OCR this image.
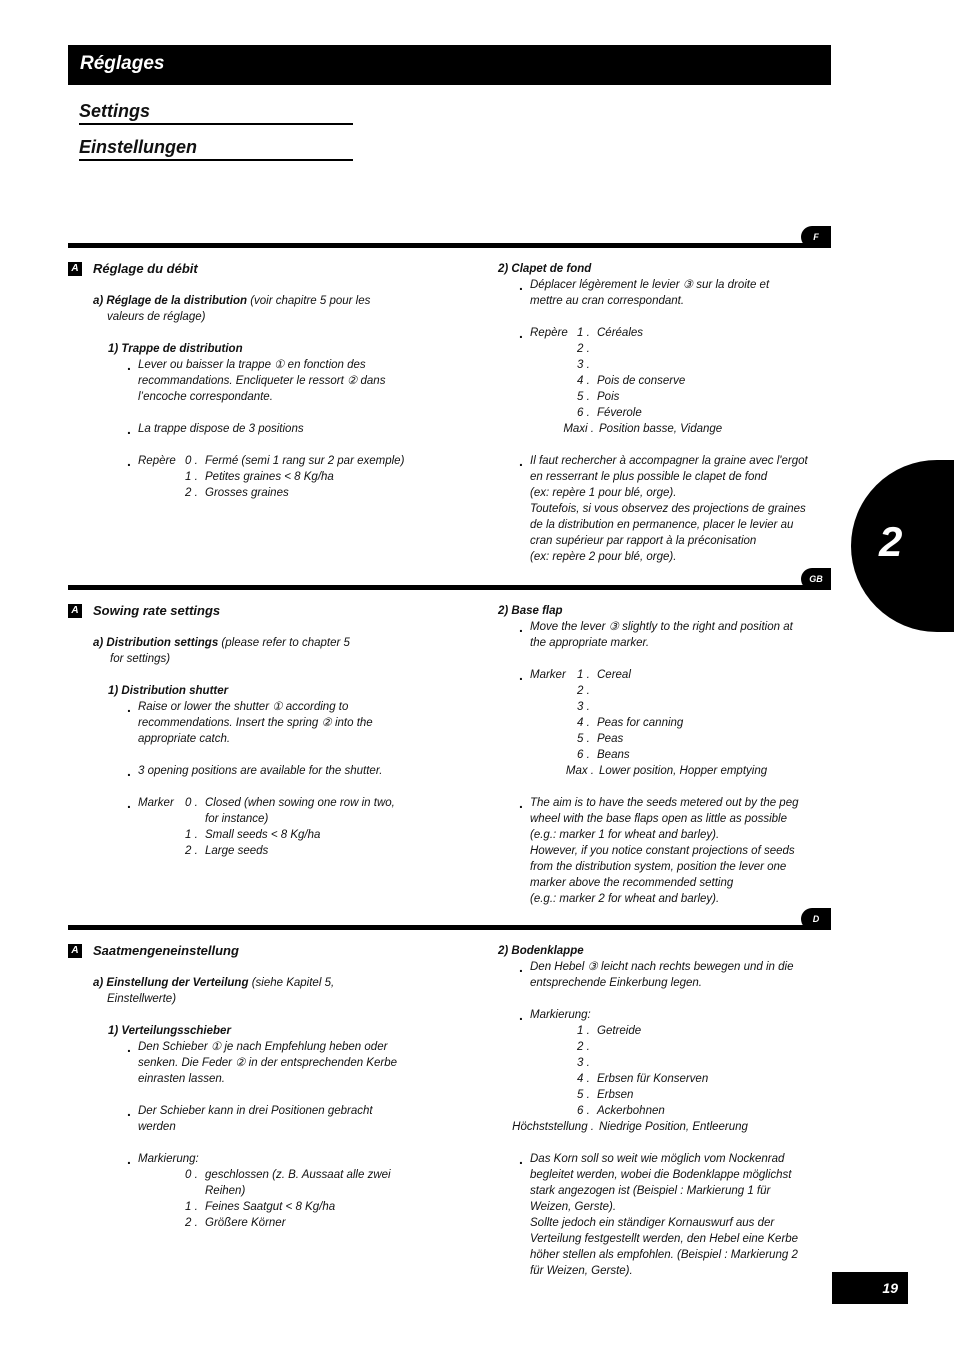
Réglages
Settings
Einstellungen
2
19
F
A Réglage du débit
a) Réglage de la distribution (voir chapitre 5 pour les
valeurs de réglage)
1) Trappe de distribution
. Lever ou baisser la trappe ① en fonction des
recommandations. Encliqueter le ressort ② dans
l’encoche correspondante.
. La trappe dispose de 3 positions
. Repère 0 . Fermé (semi 1 rang sur 2 par exemple)
1 . Petites graines < 8 Kg/ha
2 . Grosses graines
2) Clapet de fond
. Déplacer légèrement le levier ③ sur la droite et
mettre au cran correspondant.
. Repère 1 . Céréales
2 .
3 .
4 . Pois de conserve
5 . Pois
6 . Féverole
Maxi . Position basse, Vidange
. Il faut rechercher à accompagner la graine avec l'ergot
en resserrant le plus possible le clapet de fond
(ex: repère 1 pour blé, orge).
Toutefois, si vous observez des projections de graines
de la distribution en permanence, placer le levier au
cran supérieur par rapport à la préconisation
(ex: repère 2 pour blé, orge).
GB
A Sowing rate settings
a) Distribution settings (please refer to chapter 5
for settings)
1) Distribution shutter
. Raise or lower the shutter ① according to
recommendations. Insert the spring ② into the
appropriate catch.
. 3 opening positions are available for the shutter.
. Marker 0 . Closed (when sowing one row in two,
for instance)
1 . Small seeds < 8 Kg/ha
2 . Large seeds
2) Base flap
. Move the lever ③ slightly to the right and position at
the appropriate marker.
. Marker 1 . Cereal
2 .
3 .
4 . Peas for canning
5 . Peas
6 . Beans
Max . Lower position, Hopper emptying
. The aim is to have the seeds metered out by the peg
wheel with the base flaps open as little as possible
(e.g.: marker 1 for wheat and barley).
However, if you notice constant projections of seeds
from the distribution system, position the lever one
marker above the recommended setting
(e.g.: marker 2 for wheat and barley).
D
A Saatmengeneinstellung
a) Einstellung der Verteilung (siehe Kapitel 5,
Einstellwerte)
1) Verteilungsschieber
. Den Schieber ① je nach Empfehlung heben oder
senken. Die Feder ② in der entsprechenden Kerbe
einrasten lassen.
. Der Schieber kann in drei Positionen gebracht
werden
. Markierung:
0 . geschlossen (z. B. Aussaat alle zwei
Reihen)
1 . Feines Saatgut < 8 Kg/ha
2 . Größere Körner
2) Bodenklappe
. Den Hebel ③ leicht nach rechts bewegen und in die
entsprechende Einkerbung legen.
. Markierung:
1 . Getreide
2 .
3 .
4 . Erbsen für Konserven
5 . Erbsen
6 . Ackerbohnen
Höchststellung . Niedrige Position, Entleerung
. Das Korn soll so weit wie möglich vom Nockenrad
begleitet werden, wobei die Bodenklappe möglichst
stark angezogen ist (Beispiel : Markierung 1 für
Weizen, Gerste).
Sollte jedoch ein ständiger Kornauswurf aus der
Verteilung festgestellt werden, den Hebel eine Kerbe
höher stellen als empfohlen. (Beispiel : Markierung 2
für Weizen, Gerste).
